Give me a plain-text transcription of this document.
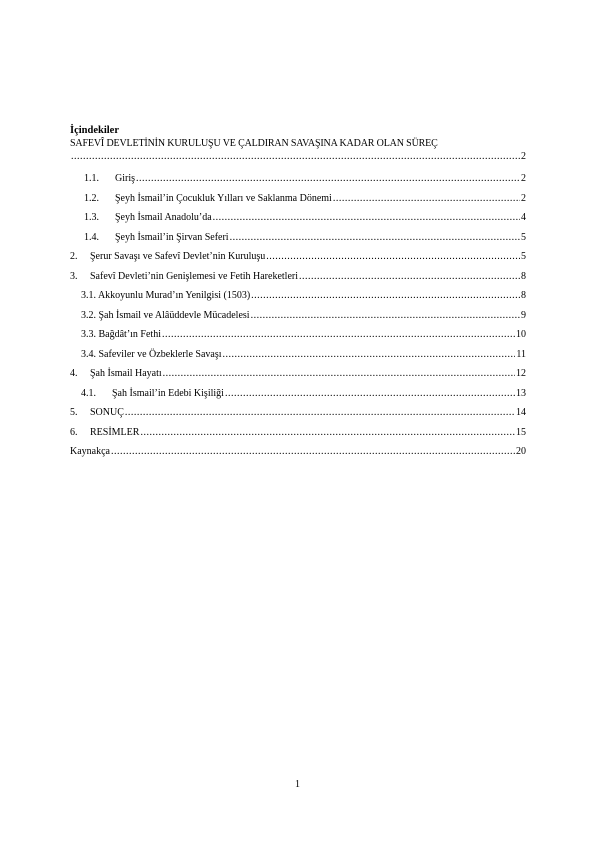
İçindekiler
SAFEVÎ DEVLETİNİN KURULUŞU VE ÇALDIRAN SAVAŞINA KADAR OLAN SÜREÇ
.....
2
1.1.	Giriş .....	2
1.2.	Şeyh İsmail’in Çocukluk Yılları ve Saklanma Dönemi .....	2
1.3.	Şeyh İsmail Anadolu’da .....	4
1.4.	Şeyh İsmail’in Şirvan Seferi .....	5
2.	Şerur Savaşı ve Safevî Devlet’nin Kuruluşu .....	5
3.	Safevî Devleti’nin Genişlemesi ve Fetih Hareketleri .....	8
3.1. Akkoyunlu Murad’ın Yenilgisi (1503) .....	8
3.2. Şah İsmail ve Alâüddevle Mücadelesi .....	9
3.3. Bağdât’ın Fethi .....	10
3.4. Safeviler ve Özbeklerle Savaşı .....	11
4.	Şah İsmail Hayatı .....	12
4.1.	Şah İsmail’in Edebi Kişiliği .....	13
5.	SONUÇ .....	14
6.	RESİMLER .....	15
Kaynakça .....	20
1
